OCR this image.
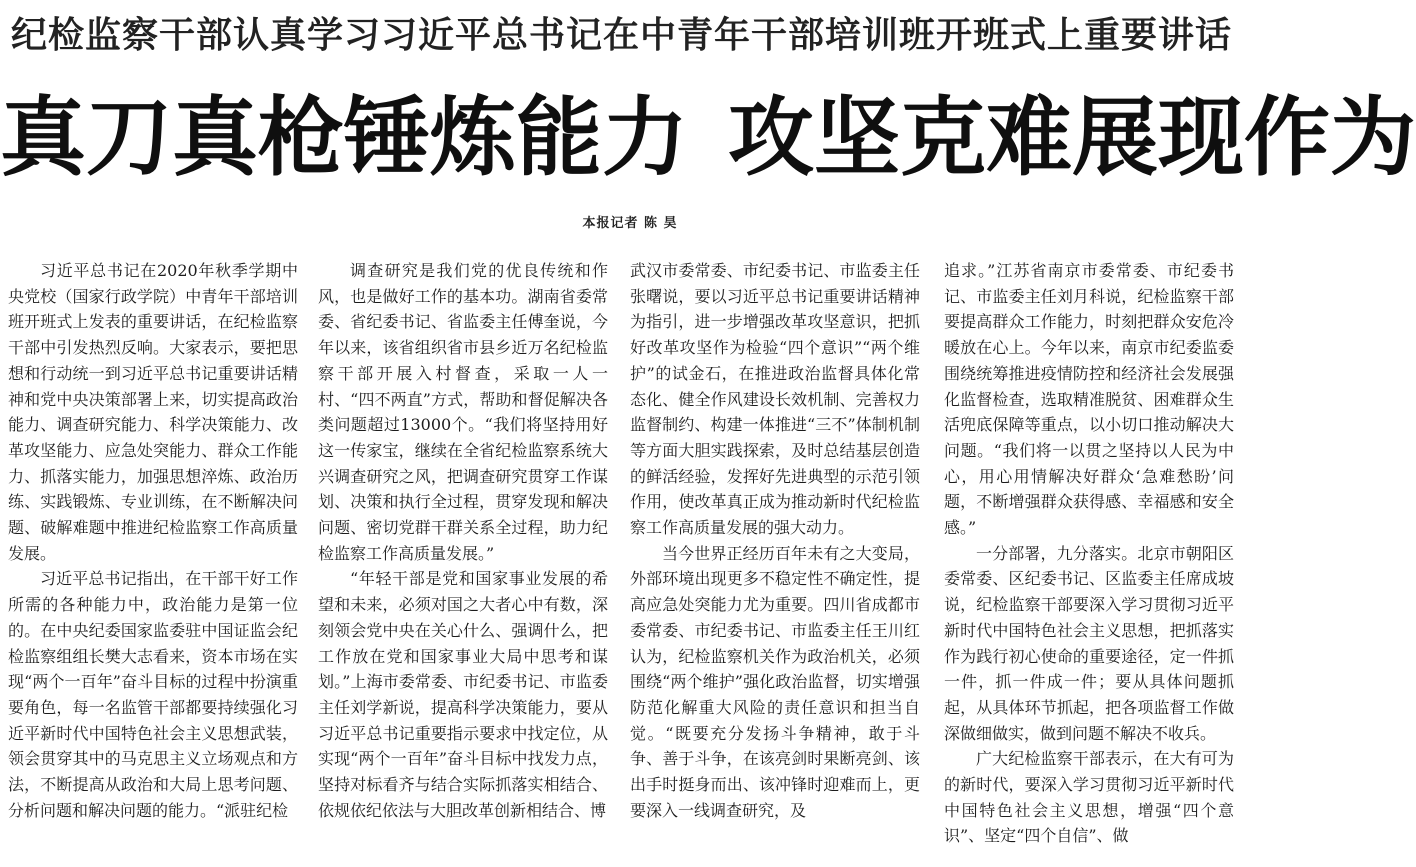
纪检监察干部认真学习习近平总书记在中青年干部培训班开班式上重要讲话
真刀真枪锤炼能力 攻坚克难展现作为
本报记者 陈 昊

习近平总书记在2020年秋季学期中央党校（国家行政学院）中青年干部培训班开班式上发表的重要讲话，在纪检监察干部中引发热烈反响。大家表示，要把思想和行动统一到习近平总书记重要讲话精神和党中央决策部署上来，切实提高政治能力、调查研究能力、科学决策能力、改革攻坚能力、应急处突能力、群众工作能力、抓落实能力，加强思想淬炼、政治历练、实践锻炼、专业训练，在不断解决问题、破解难题中推进纪检监察工作高质量发展。

习近平总书记指出，在干部干好工作所需的各种能力中，政治能力是第一位的。在中央纪委国家监委驻中国证监会纪检监察组组长樊大志看来，资本市场在实现“两个一百年”奋斗目标的过程中扮演重要角色，每一名监管干部都要持续强化习近平新时代中国特色社会主义思想武装，领会贯穿其中的马克思主义立场观点和方法，不断提高从政治和大局上思考问题、分析问题和解决问题的能力。“派驻纪检

调查研究是我们党的优良传统和作风，也是做好工作的基本功。湖南省委常委、省纪委书记、省监委主任傅奎说，今年以来，该省组织省市县乡近万名纪检监察干部开展入村督查，采取一人一村、“四不两直”方式，帮助和督促解决各类问题超过13000个。“我们将坚持用好这一传家宝，继续在全省纪检监察系统大兴调查研究之风，把调查研究贯穿工作谋划、决策和执行全过程，贯穿发现和解决问题、密切党群干群关系全过程，助力纪检监察工作高质量发展。”

“年轻干部是党和国家事业发展的希望和未来，必须对国之大者心中有数，深刻领会党中央在关心什么、强调什么，把工作放在党和国家事业大局中思考和谋划。”上海市委常委、市纪委书记、市监委主任刘学新说，提高科学决策能力，要从习近平总书记重要指示要求中找定位，从实现“两个一百年”奋斗目标中找发力点，坚持对标看齐与结合实际抓落实相结合、依规依纪依法与大胆改革创新相结合、博

武汉市委常委、市纪委书记、市监委主任张曙说，要以习近平总书记重要讲话精神为指引，进一步增强改革攻坚意识，把抓好改革攻坚作为检验“四个意识”“两个维护”的试金石，在推进政治监督具体化常态化、健全作风建设长效机制、完善权力监督制约、构建一体推进“三不”体制机制等方面大胆实践探索，及时总结基层创造的鲜活经验，发挥好先进典型的示范引领作用，使改革真正成为推动新时代纪检监察工作高质量发展的强大动力。

当今世界正经历百年未有之大变局，外部环境出现更多不稳定性不确定性，提高应急处突能力尤为重要。四川省成都市委常委、市纪委书记、市监委主任王川红认为，纪检监察机关作为政治机关，必须围绕“两个维护”强化政治监督，切实增强防范化解重大风险的责任意识和担当自觉。“既要充分发扬斗争精神，敢于斗争、善于斗争，在该亮剑时果断亮剑、该出手时挺身而出、该冲锋时迎难而上，更要深入一线调查研究，及

追求。”江苏省南京市委常委、市纪委书记、市监委主任刘月科说，纪检监察干部要提高群众工作能力，时刻把群众安危冷暖放在心上。今年以来，南京市纪委监委围绕统筹推进疫情防控和经济社会发展强化监督检查，选取精准脱贫、困难群众生活兜底保障等重点，以小切口推动解决大问题。“我们将一以贯之坚持以人民为中心，用心用情解决好群众‘急难愁盼’问题，不断增强群众获得感、幸福感和安全感。”

一分部署，九分落实。北京市朝阳区委常委、区纪委书记、区监委主任席成坡说，纪检监察干部要深入学习贯彻习近平新时代中国特色社会主义思想，把抓落实作为践行初心使命的重要途径，定一件抓一件，抓一件成一件；要从具体问题抓起，从具体环节抓起，把各项监督工作做深做细做实，做到问题不解决不收兵。

广大纪检监察干部表示，在大有可为的新时代，要深入学习贯彻习近平新时代中国特色社会主义思想，增强“四个意识”、坚定“四个自信”、做
